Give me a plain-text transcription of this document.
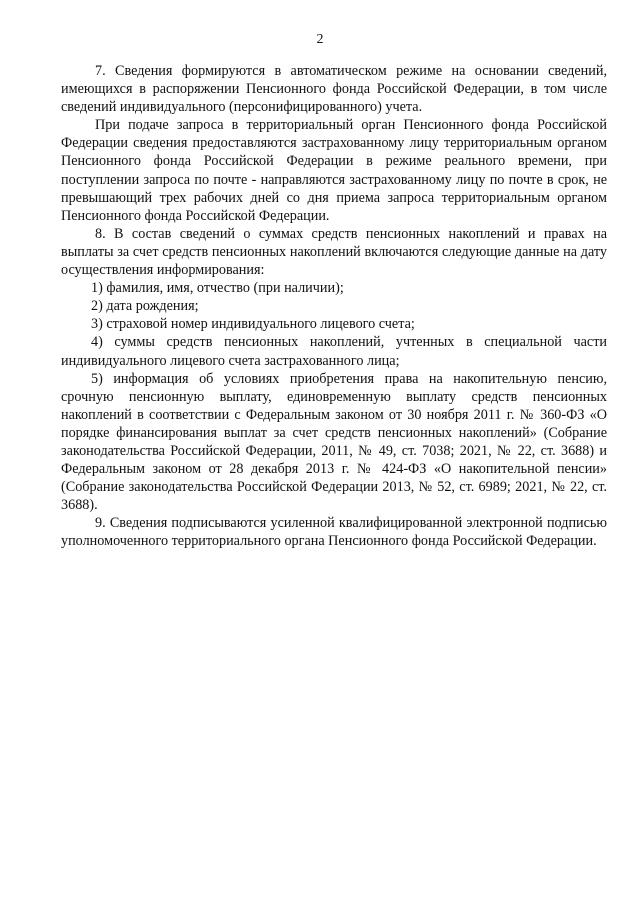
2

7. Сведения формируются в автоматическом режиме на основании сведений, имеющихся в распоряжении Пенсионного фонда Российской Федерации, в том числе сведений индивидуального (персонифицированного) учета.

При подаче запроса в территориальный орган Пенсионного фонда Российской Федерации сведения предоставляются застрахованному лицу территориальным органом Пенсионного фонда Российской Федерации в режиме реального времени, при поступлении запроса по почте - направляются застрахованному лицу по почте в срок, не превышающий трех рабочих дней со дня приема запроса территориальным органом Пенсионного фонда Российской Федерации.

8. В состав сведений о суммах средств пенсионных накоплений и правах на выплаты за счет средств пенсионных накоплений включаются следующие данные на дату осуществления информирования:

1) фамилия, имя, отчество (при наличии);

2) дата рождения;

3) страховой номер индивидуального лицевого счета;

4) суммы средств пенсионных накоплений, учтенных в специальной части индивидуального лицевого счета застрахованного лица;

5) информация об условиях приобретения права на накопительную пенсию, срочную пенсионную выплату, единовременную выплату средств пенсионных накоплений в соответствии с Федеральным законом от 30 ноября 2011 г. № 360-ФЗ «О порядке финансирования выплат за счет средств пенсионных накоплений» (Собрание законодательства Российской Федерации, 2011, № 49, ст. 7038; 2021, № 22, ст. 3688) и Федеральным законом от 28 декабря 2013 г. № 424-ФЗ «О накопительной пенсии» (Собрание законодательства Российской Федерации 2013, № 52, ст. 6989; 2021, № 22, ст. 3688).

9. Сведения подписываются усиленной квалифицированной электронной подписью уполномоченного территориального органа Пенсионного фонда Российской Федерации.
